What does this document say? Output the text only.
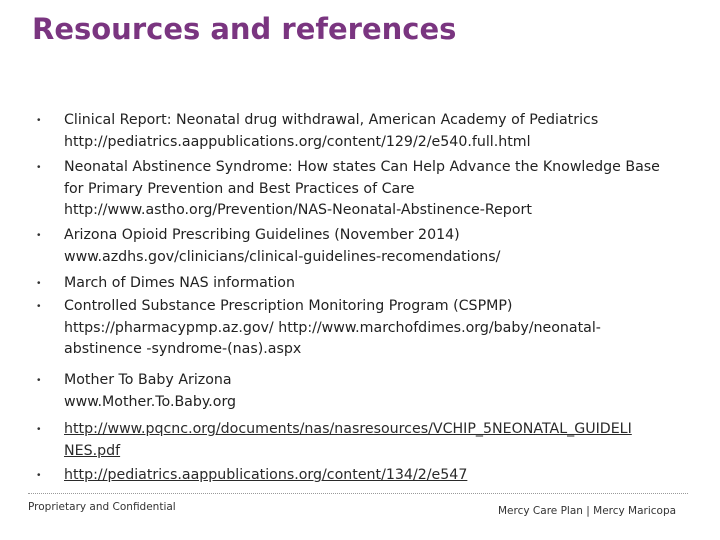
Resources and references
• Clinical Report: Neonatal drug withdrawal, American Academy of Pediatrics
http://pediatrics.aappublications.org/content/129/2/e540.full.html
• Neonatal Abstinence Syndrome: How states Can Help Advance the Knowledge Base
for Primary Prevention and Best Practices of Care
http://www.astho.org/Prevention/NAS-Neonatal-Abstinence-Report
• Arizona Opioid Prescribing Guidelines (November 2014)
www.azdhs.gov/clinicians/clinical-guidelines-recomendations/
• March of Dimes NAS information
• Controlled Substance Prescription Monitoring Program (CSPMP)
https://pharmacypmp.az.gov/ http://www.marchofdimes.org/baby/neonatal-
abstinence -syndrome-(nas).aspx
• Mother To Baby Arizona
www.Mother.To.Baby.org
• http://www.pqcnc.org/documents/nas/nasresources/VCHIP_5NEONATAL_GUIDELI
NES.pdf
• http://pediatrics.aappublications.org/content/134/2/e547
Proprietary and Confidential	Mercy Care Plan | Mercy Maricopa
